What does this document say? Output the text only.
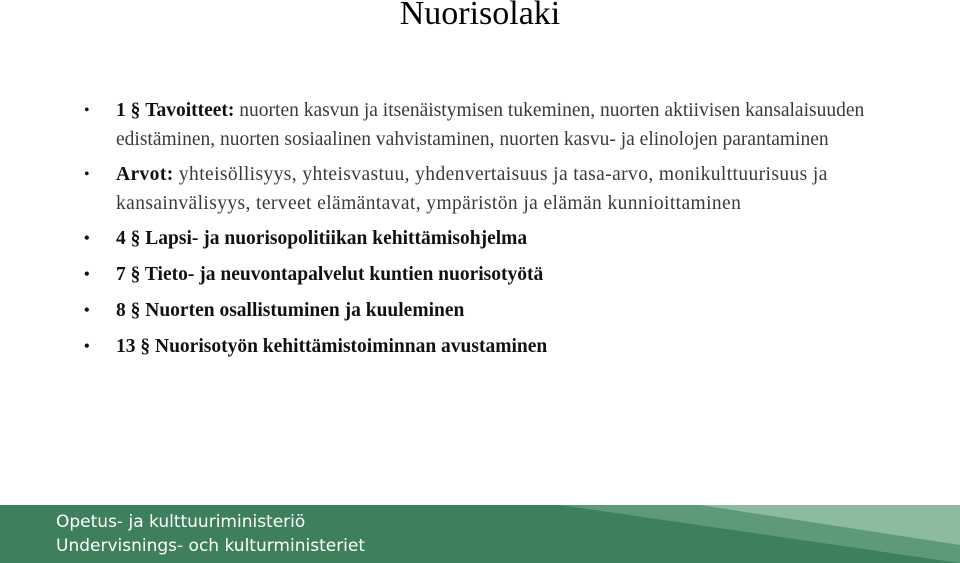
Nuorisolaki
• 1 § Tavoitteet: nuorten kasvun ja itsenäistymisen tukeminen, nuorten aktiivisen kansalaisuuden edistäminen, nuorten sosiaalinen vahvistaminen, nuorten kasvu- ja elinolojen parantaminen
• Arvot: yhteisöllisyys, yhteisvastuu, yhdenvertaisuus ja tasa-arvo, monikulttuurisuus ja kansainvälisyys, terveet elämäntavat, ympäristön ja elämän kunnioittaminen
• 4 § Lapsi- ja nuorisopolitiikan kehittämisohjelma
• 7 § Tieto- ja neuvontapalvelut kuntien nuorisotyötä
• 8 § Nuorten osallistuminen ja kuuleminen
• 13 § Nuorisotyön kehittämistoiminnan avustaminen
Opetus- ja kulttuuriministeriö
Undervisnings- och kulturministeriet
